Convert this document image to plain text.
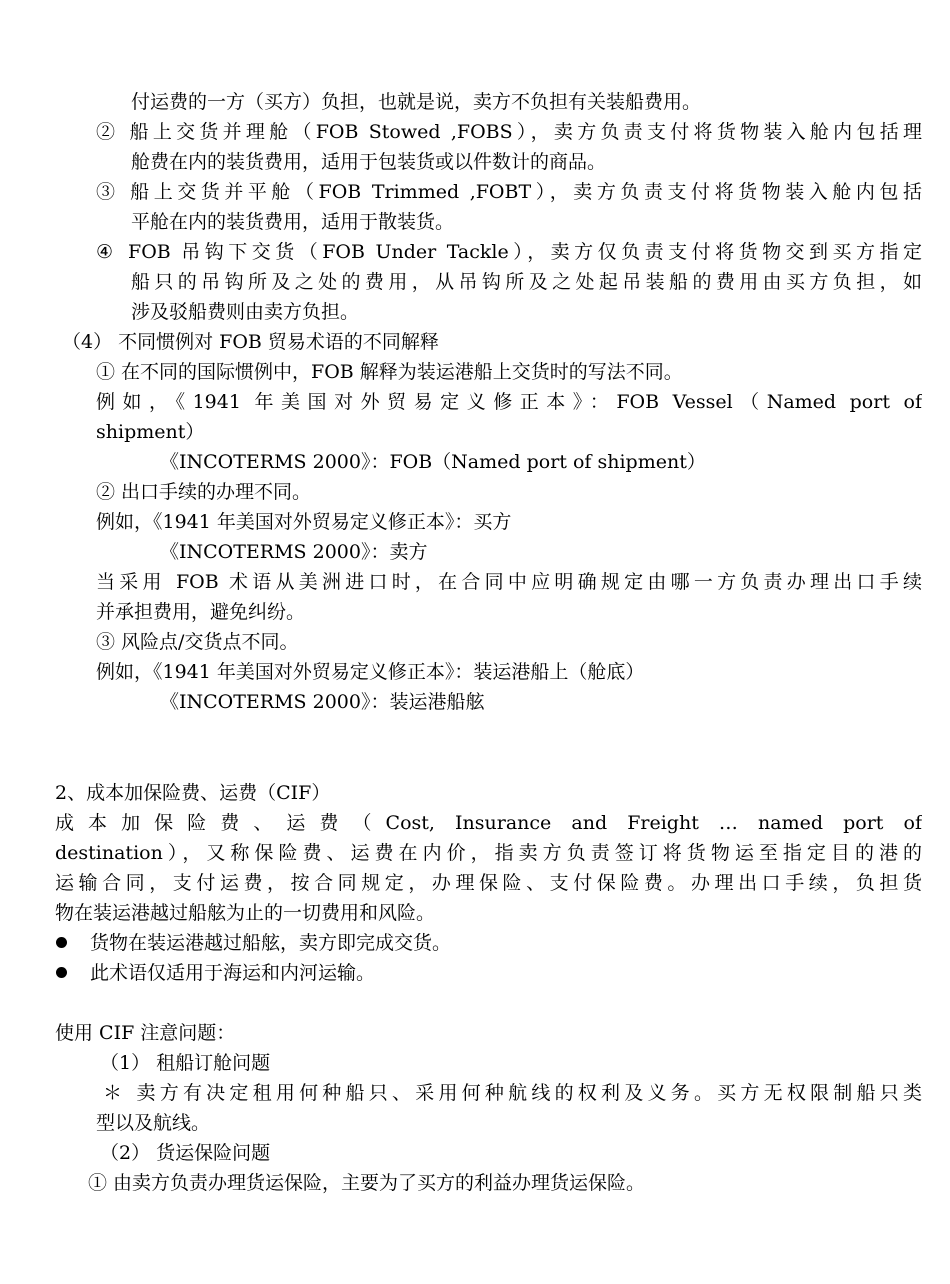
付运费的一方（买方）负担，也就是说，卖方不负担有关装船费用。

② 船上交货并理舱（FOB Stowed ,FOBS），卖方负责支付将货物装入舱内包括理

舱费在内的装货费用，适用于包装货或以件数计的商品。

③ 船上交货并平舱（FOB Trimmed ,FOBT），卖方负责支付将货物装入舱内包括

平舱在内的装货费用，适用于散装货。

④ FOB 吊钩下交货（FOB Under Tackle），卖方仅负责支付将货物交到买方指定

船只的吊钩所及之处的费用，从吊钩所及之处起吊装船的费用由买方负担，如

涉及驳船费则由卖方负担。

（4） 不同惯例对 FOB 贸易术语的不同解释

① 在不同的国际惯例中，FOB 解释为装运港船上交货时的写法不同。

例如，《1941 年美国对外贸易定义修正本》：FOB Vessel（Named port of

shipment）

《INCOTERMS 2000》：FOB（Named port of shipment）

② 出口手续的办理不同。

例如，《1941 年美国对外贸易定义修正本》：买方

《INCOTERMS 2000》：卖方

当采用 FOB 术语从美洲进口时，在合同中应明确规定由哪一方负责办理出口手续

并承担费用，避免纠纷。

③ 风险点/交货点不同。

例如，《1941 年美国对外贸易定义修正本》：装运港船上（舱底）

《INCOTERMS 2000》：装运港船舷

2、成本加保险费、运费（CIF）

成本加保险费、运费（Cost, Insurance and Freight … named port of

destination），又称保险费、运费在内价，指卖方负责签订将货物运至指定目的港的

运输合同，支付运费，按合同规定，办理保险、支付保险费。办理出口手续，负担货

物在装运港越过船舷为止的一切费用和风险。

货物在装运港越过船舷，卖方即完成交货。

此术语仅适用于海运和内河运输。

使用 CIF 注意问题：

（1） 租船订舱问题

＊ 卖方有决定租用何种船只、采用何种航线的权利及义务。买方无权限制船只类

型以及航线。

（2） 货运保险问题

① 由卖方负责办理货运保险，主要为了买方的利益办理货运保险。
